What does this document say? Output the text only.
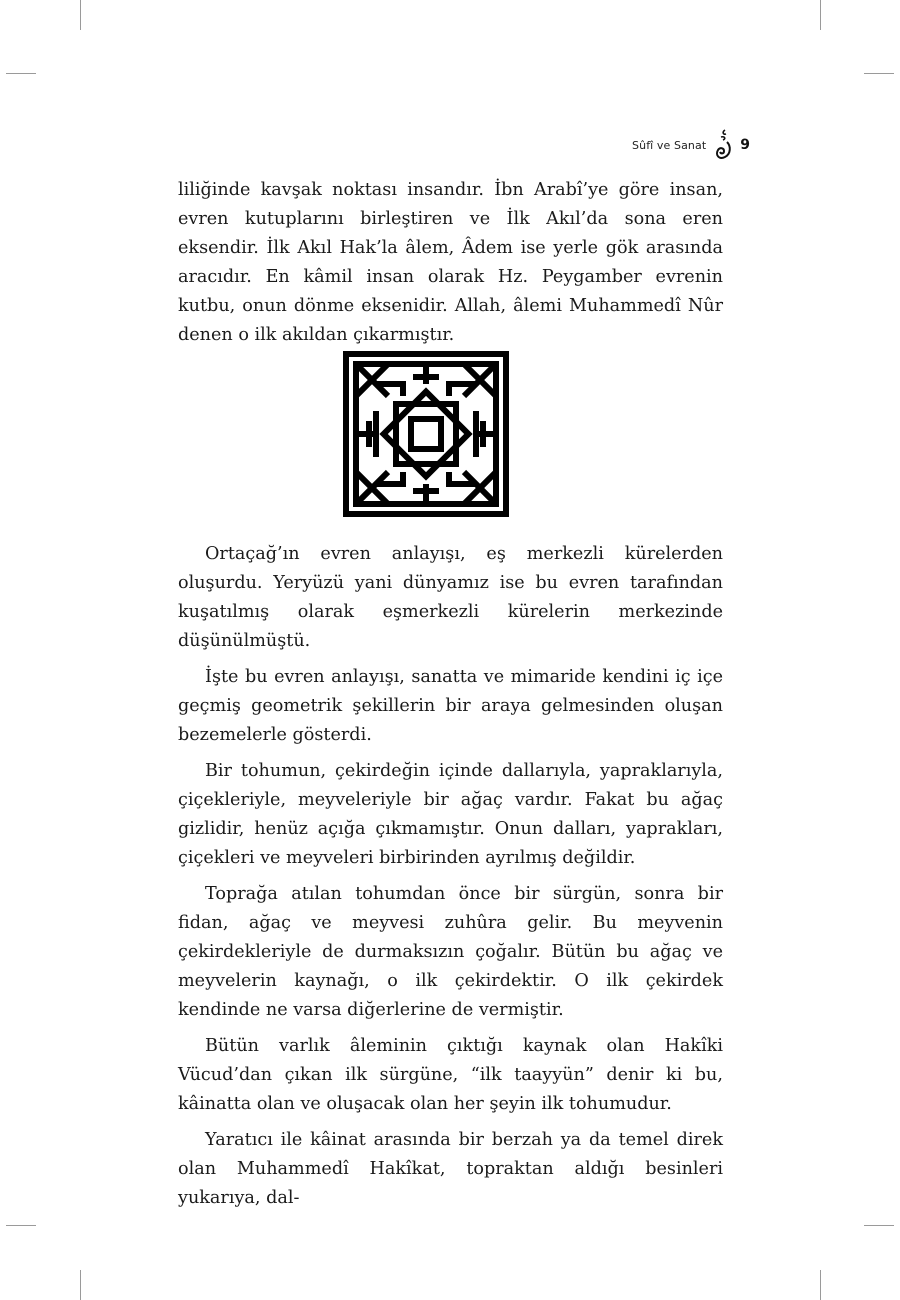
Sûfî ve Sanat 9

liliğinde kavşak noktası insandır. İbn Arabî’ye göre insan, evren kutuplarını birleştiren ve İlk Akıl’da sona eren eksendir. İlk Akıl Hak’la âlem, Âdem ise yerle gök arasında aracıdır. En kâmil insan olarak Hz. Peygamber evrenin kutbu, onun dönme eksenidir. Allah, âlemi Muhammedî Nûr denen o ilk akıldan çıkarmıştır.

Ortaçağ’ın evren anlayışı, eş merkezli kürelerden oluşurdu. Yeryüzü yani dünyamız ise bu evren tarafından kuşatılmış olarak eşmerkezli kürelerin merkezinde düşünülmüştü.

İşte bu evren anlayışı, sanatta ve mimaride kendini iç içe geçmiş geometrik şekillerin bir araya gelmesinden oluşan bezemelerle gösterdi.

Bir tohumun, çekirdeğin içinde dallarıyla, yapraklarıyla, çiçekleriyle, meyveleriyle bir ağaç vardır. Fakat bu ağaç gizlidir, henüz açığa çıkmamıştır. Onun dalları, yaprakları, çiçekleri ve meyveleri birbirinden ayrılmış değildir.

Toprağa atılan tohumdan önce bir sürgün, sonra bir fidan, ağaç ve meyvesi zuhûra gelir. Bu meyvenin çekirdekleriyle de durmaksızın çoğalır. Bütün bu ağaç ve meyvelerin kaynağı, o ilk çekirdektir. O ilk çekirdek kendinde ne varsa diğerlerine de vermiştir.

Bütün varlık âleminin çıktığı kaynak olan Hakîki Vücud’dan çıkan ilk sürgüne, “ilk taayyün” denir ki bu, kâinatta olan ve oluşacak olan her şeyin ilk tohumudur.

Yaratıcı ile kâinat arasında bir berzah ya da temel direk olan Muhammedî Hakîkat, topraktan aldığı besinleri yukarıya, dal-
